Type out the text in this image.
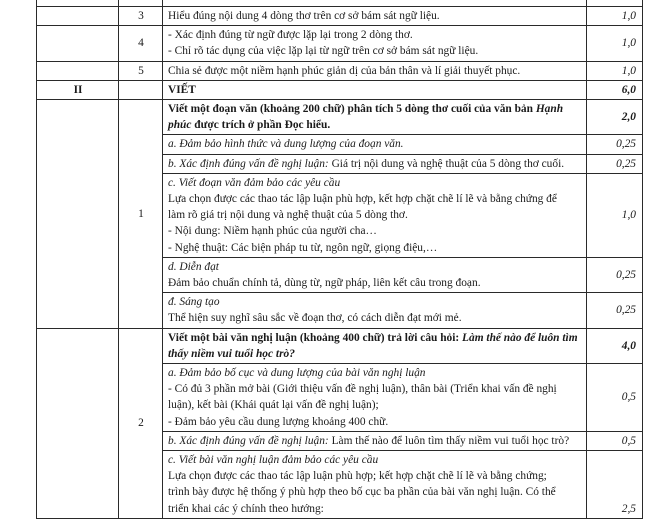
	3	Hiểu đúng nội dung 4 dòng thơ trên cơ sở bám sát ngữ liệu.	1,0
	4	- Xác định đúng từ ngữ được lặp lại trong 2 dòng thơ.
- Chỉ rõ tác dụng của việc lặp lại từ ngữ trên cơ sở bám sát ngữ liệu.	1,0
	5	Chia sẻ được một niềm hạnh phúc giản dị của bản thân và lí giải thuyết phục.	1,0
II		VIẾT	6,0
	1	Viết một đoạn văn (khoảng 200 chữ) phân tích 5 dòng thơ cuối của văn bản Hạnh phúc được trích ở phần Đọc hiểu.	2,0
		a. Đảm bảo hình thức và dung lượng của đoạn văn.	0,25
		b. Xác định đúng vấn đề nghị luận: Giá trị nội dung và nghệ thuật của 5 dòng thơ cuối.	0,25

		c. Viết đoạn văn đảm bảo các yêu cầu
Lựa chọn được các thao tác lập luận phù hợp, kết hợp chặt chẽ lí lẽ và bằng chứng để
làm rõ giá trị nội dung và nghệ thuật của 5 dòng thơ.
- Nội dung: Niềm hạnh phúc của người cha…
- Nghệ thuật: Các biện pháp tu từ, ngôn ngữ, giọng điệu,…	1,0

		d. Diễn đạt
Đảm bảo chuẩn chính tả, dùng từ, ngữ pháp, liên kết câu trong đoạn.	0,25

		đ. Sáng tạo
Thể hiện suy nghĩ sâu sắc về đoạn thơ, có cách diễn đạt mới mẻ.	0,25
	2	Viết một bài văn nghị luận (khoảng 400 chữ) trả lời câu hỏi: Làm thế nào để luôn tìm thấy niềm vui tuổi học trò?	4,0

		a. Đảm bảo bố cục và dung lượng của bài văn nghị luận
- Có đủ 3 phần mở bài (Giới thiệu vấn đề nghị luận), thân bài (Triển khai vấn đề nghị
luận), kết bài (Khái quát lại vấn đề nghị luận);
- Đảm bảo yêu cầu dung lượng khoảng 400 chữ.	0,5
		b. Xác định đúng vấn đề nghị luận: Làm thế nào để luôn tìm thấy niềm vui tuổi học trò?	0,5

		c. Viết bài văn nghị luận đảm bảo các yêu cầu
Lựa chọn được các thao tác lập luận phù hợp; kết hợp chặt chẽ lí lẽ và bằng chứng;
trình bày được hệ thống ý phù hợp theo bố cục ba phần của bài văn nghị luận. Có thể
triển khai các ý chính theo hướng:	2,5
